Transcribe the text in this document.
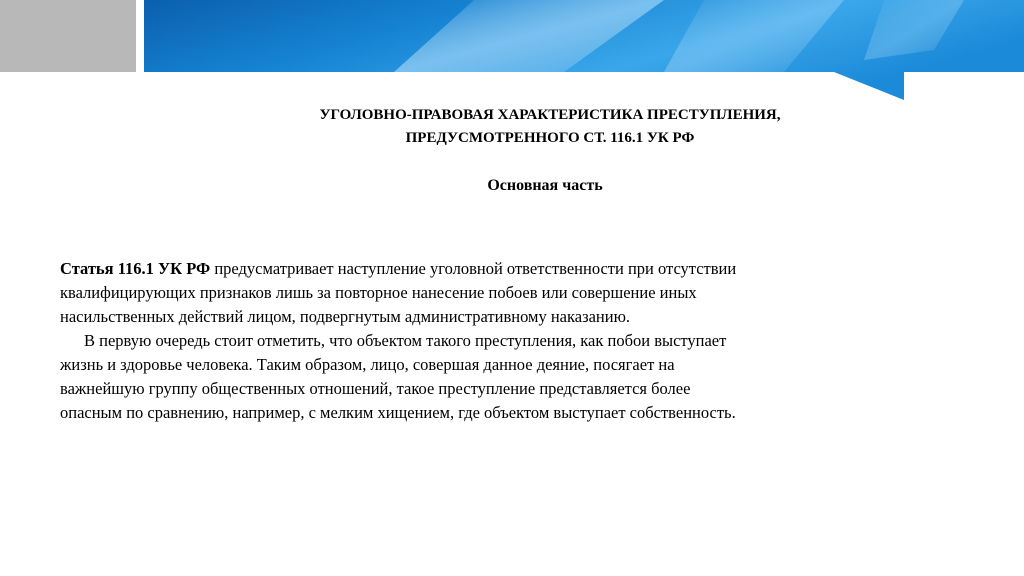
УГОЛОВНО-ПРАВОВАЯ ХАРАКТЕРИСТИКА ПРЕСТУПЛЕНИЯ,
ПРЕДУСМОТРЕННОГО СТ. 116.1 УК РФ
Основная часть
Статья 116.1 УК РФ предусматривает наступление уголовной ответственности при отсутствии
квалифицирующих признаков лишь за повторное нанесение побоев или совершение иных
насильственных действий лицом, подвергнутым административному наказанию.
В первую очередь стоит отметить, что объектом такого преступления, как побои выступает
жизнь и здоровье человека. Таким образом, лицо, совершая данное деяние, посягает на
важнейшую группу общественных отношений, такое преступление представляется более
опасным по сравнению, например, с мелким хищением, где объектом выступает собственность.
